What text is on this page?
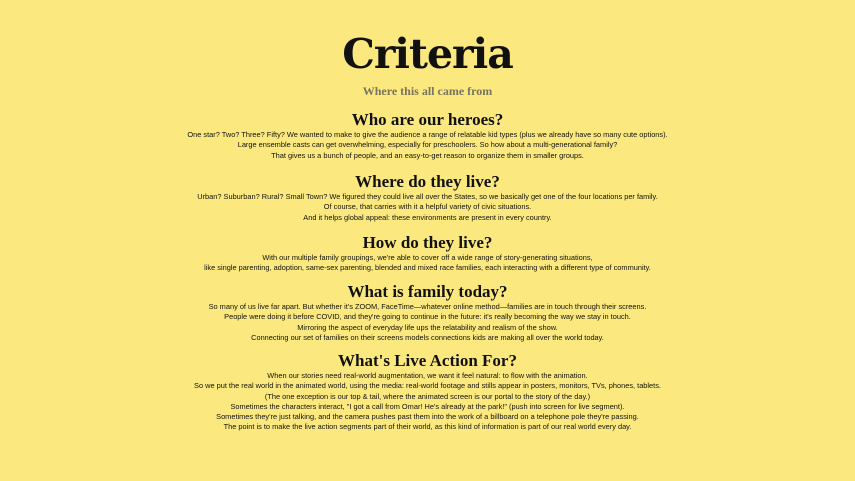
Criteria
Where this all came from
Who are our heroes?
One star? Two? Three? Fifty? We wanted to make to give the audience a range of relatable kid types (plus we already have so many cute options).
Large ensemble casts can get overwhelming, especially for preschoolers. So how about a multi-generational family?
That gives us a bunch of people, and an easy-to-get reason to organize them in smaller groups.
Where do they live?
Urban? Suburban? Rural? Small Town? We figured they could live all over the States, so we basically get one of the four locations per family.
Of course, that carries with it a helpful variety of civic situations.
And it helps global appeal: these environments are present in every country.
How do they live?
With our multiple family groupings, we're able to cover off a wide range of story-generating situations,
like single parenting, adoption, same-sex parenting, blended and mixed race families, each interacting with a different type of community.
What is family today?
So many of us live far apart. But whether it's ZOOM, FaceTime—whatever online method—families are in touch through their screens.
People were doing it before COVID, and they're going to continue in the future: it's really becoming the way we stay in touch.
Mirroring the aspect of everyday life ups the relatability and realism of the show.
Connecting our set of families on their screens models connections kids are making all over the world today.
What's Live Action For?
When our stories need real-world augmentation, we want it feel natural: to flow with the animation.
So we put the real world in the animated world, using the media: real-world footage and stills appear in posters, monitors, TVs, phones, tablets.
(The one exception is our top & tail, where the animated screen is our portal to the story of the day.)
Sometimes the characters interact, "I got a call from Omar! He's already at the park!" (push into screen for live segment).
Sometimes they're just talking, and the camera pushes past them into the work of a billboard on a telephone pole they're passing.
The point is to make the live action segments part of their world, as this kind of information is part of our real world every day.
